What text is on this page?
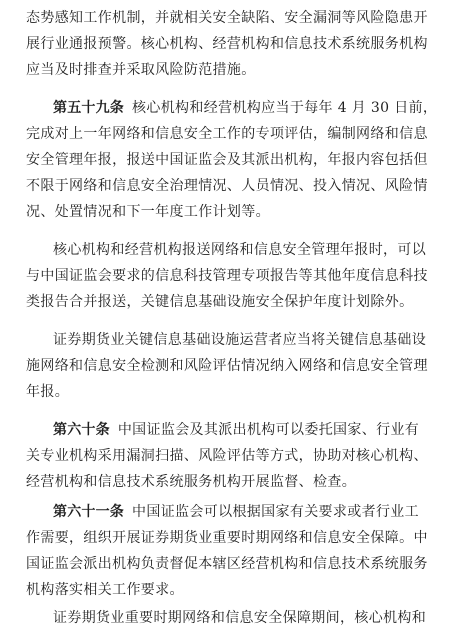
态势感知工作机制，并就相关安全缺陷、安全漏洞等风险隐患开
展行业通报预警。核心机构、经营机构和信息技术系统服务机构
应当及时排查并采取风险防范措施。
第五十九条 核心机构和经营机构应当于每年 4 月 30 日前，
完成对上一年网络和信息安全工作的专项评估，编制网络和信息
安全管理年报，报送中国证监会及其派出机构，年报内容包括但
不限于网络和信息安全治理情况、人员情况、投入情况、风险情
况、处置情况和下一年度工作计划等。
核心机构和经营机构报送网络和信息安全管理年报时，可以
与中国证监会要求的信息科技管理专项报告等其他年度信息科技
类报告合并报送，关键信息基础设施安全保护年度计划除外。
证券期货业关键信息基础设施运营者应当将关键信息基础设
施网络和信息安全检测和风险评估情况纳入网络和信息安全管理
年报。
第六十条 中国证监会及其派出机构可以委托国家、行业有
关专业机构采用漏洞扫描、风险评估等方式，协助对核心机构、
经营机构和信息技术系统服务机构开展监督、检查。
第六十一条 中国证监会可以根据国家有关要求或者行业工
作需要，组织开展证券期货业重要时期网络和信息安全保障。中
国证监会派出机构负责督促本辖区经营机构和信息技术系统服务
机构落实相关工作要求。
证券期货业重要时期网络和信息安全保障期间，核心机构和
